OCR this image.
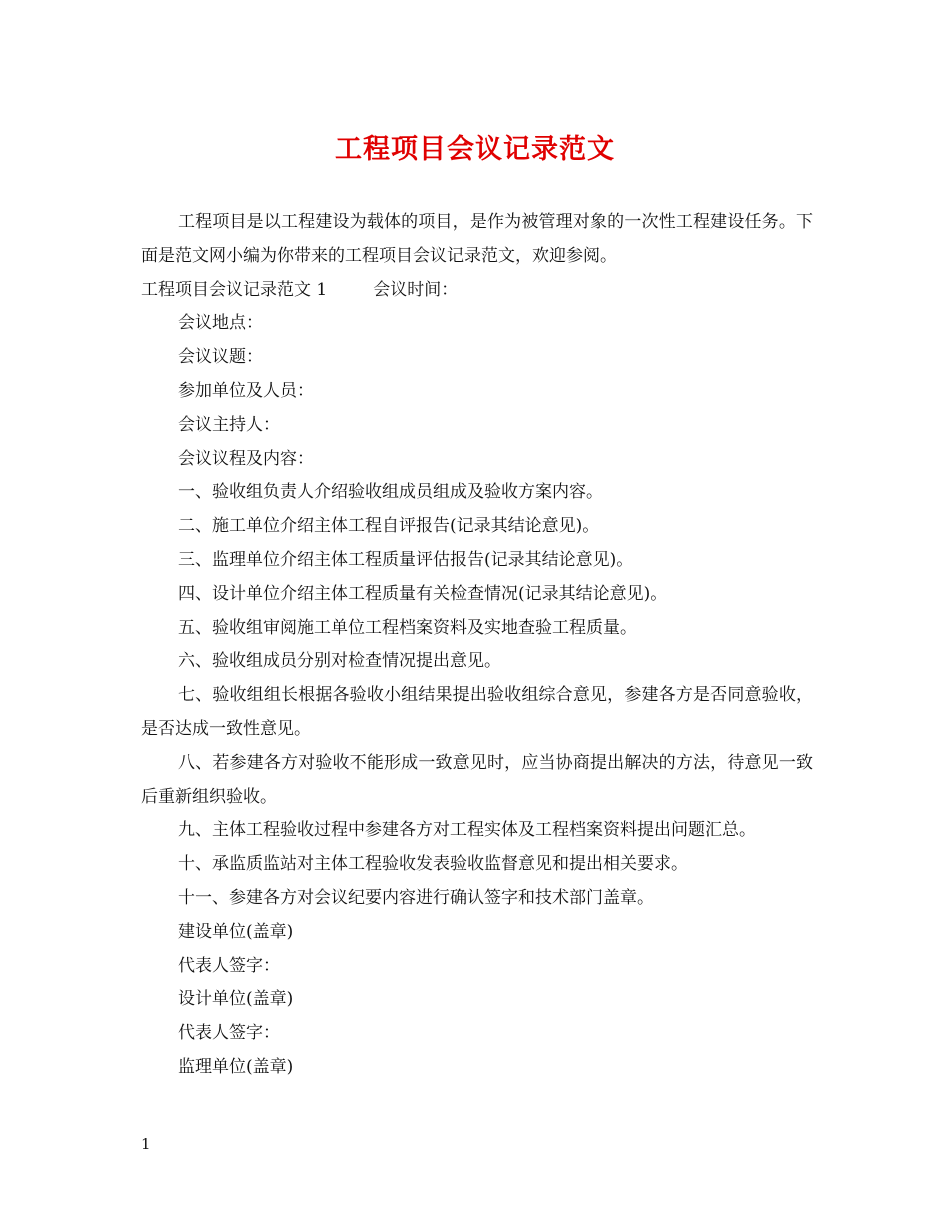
工程项目会议记录范文

工程项目是以工程建设为载体的项目，是作为被管理对象的一次性工程建设任务。下面是范文网小编为你带来的工程项目会议记录范文，欢迎参阅。

工程项目会议记录范文 1	会议时间：

会议地点：

会议议题：

参加单位及人员：

会议主持人：

会议议程及内容：

一、验收组负责人介绍验收组成员组成及验收方案内容。

二、施工单位介绍主体工程自评报告(记录其结论意见)。

三、监理单位介绍主体工程质量评估报告(记录其结论意见)。

四、设计单位介绍主体工程质量有关检查情况(记录其结论意见)。

五、验收组审阅施工单位工程档案资料及实地查验工程质量。

六、验收组成员分别对检查情况提出意见。

七、验收组组长根据各验收小组结果提出验收组综合意见，参建各方是否同意验收，是否达成一致性意见。

八、若参建各方对验收不能形成一致意见时，应当协商提出解决的方法，待意见一致后重新组织验收。

九、主体工程验收过程中参建各方对工程实体及工程档案资料提出问题汇总。

十、承监质监站对主体工程验收发表验收监督意见和提出相关要求。

十一、参建各方对会议纪要内容进行确认签字和技术部门盖章。

建设单位(盖章)

代表人签字：

设计单位(盖章)

代表人签字：

监理单位(盖章)

1
